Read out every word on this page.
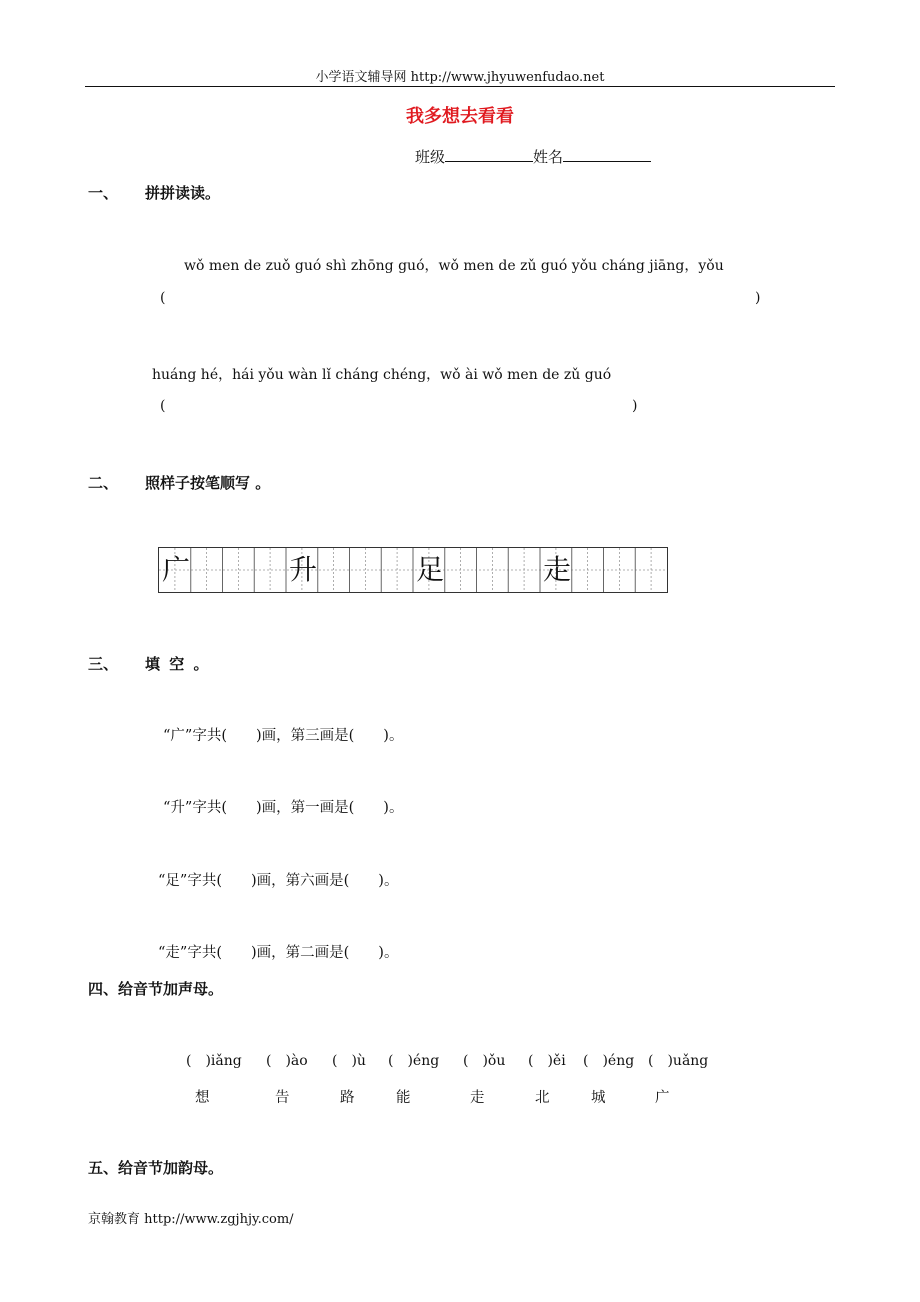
小学语文辅导网 http://www.jhyuwenfudao.net
我多想去看看
班级	姓名
一、 拼拼读读。
wǒ men de zuǒ guó shì zhōng guó，wǒ men de zǔ guó yǒu cháng jiāng，yǒu
(	)
huáng hé，hái yǒu wàn lǐ cháng chéng，wǒ ài wǒ men de zǔ guó
(	)
二、 照样子按笔顺写 。
广	升	足	走
三、 填 空 。
“广”字共(　　)画，第三画是(　　)。
“升”字共(　　)画，第一画是(　　)。
“足”字共(　　)画，第六画是(　　)。
“走”字共(　　)画，第二画是(　　)。
四、给音节加声母。
(　)iǎng (　)ào (　)ù (　)éng (　)ǒu (　)ěi (　)éng (　)uǎng
想	告	路	能	走	北	城	广
五、给音节加韵母。
京翰教育 http://www.zgjhjy.com/
